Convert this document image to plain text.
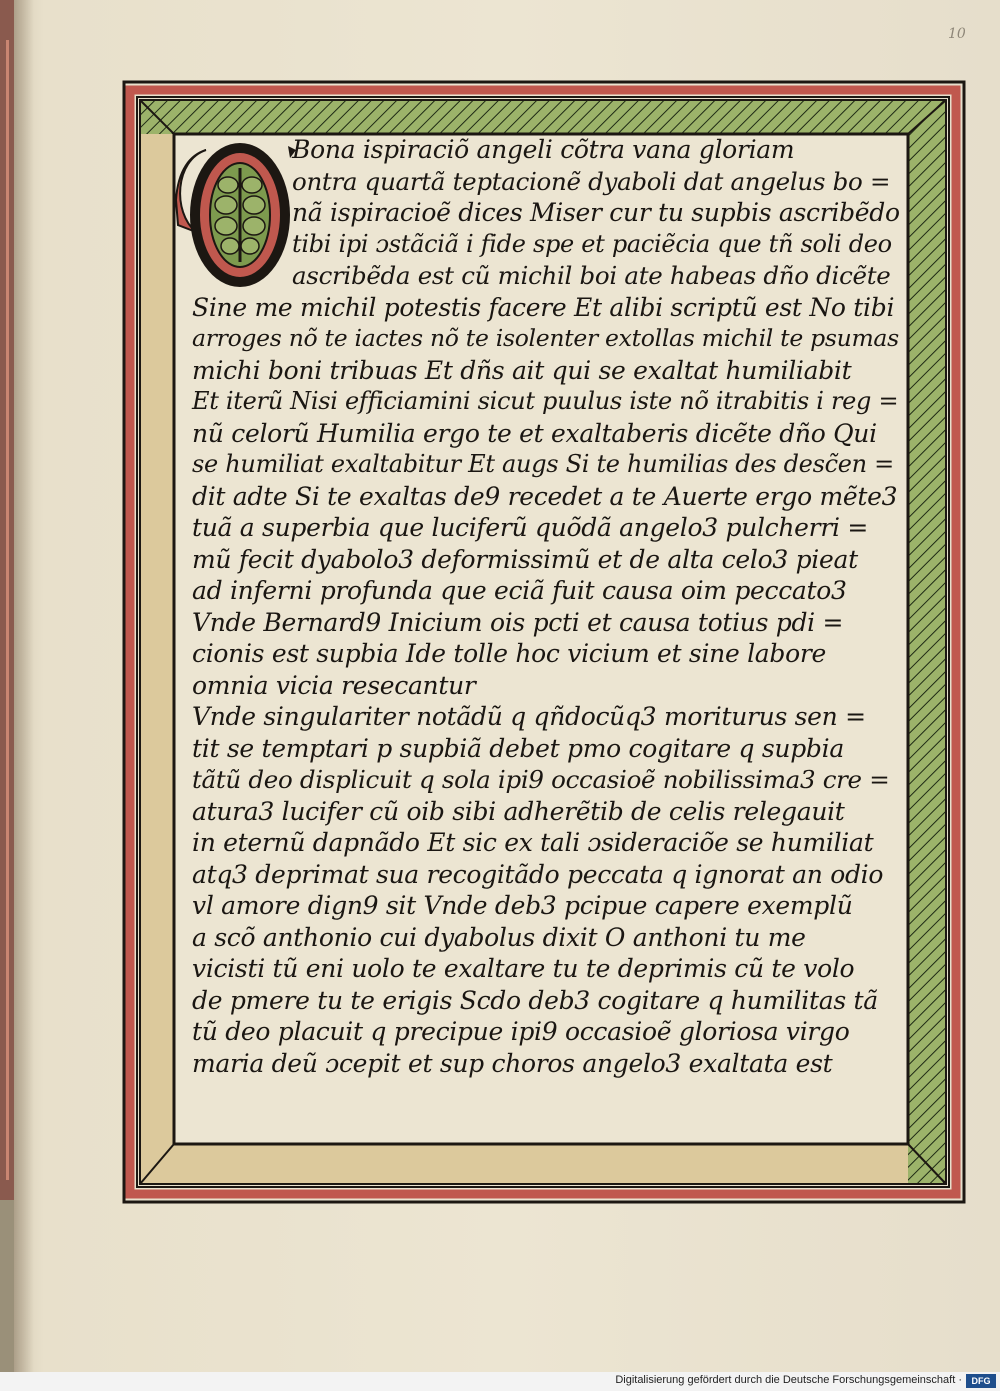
10
Bona ispiraciõ angeli cõtra vana gloriam
ontra quartã teptacionẽ dyaboli dat angelus bo =
nã ispiracioẽ dices Miser cur tu supbis ascribẽdo
tibi ipi ɔstãciã i fide spe et paciẽcia que tñ soli deo
ascribẽda est cũ michil boi ate habeas dño dicẽte
Sine me michil potestis facere Et alibi scriptũ est No tibi
arroges nõ te iactes nõ te isolenter extollas michil te psumas
michi boni tribuas Et dñs ait qui se exaltat humiliabit
Et iterũ Nisi efficiamini sicut puulus iste nõ itrabitis i reg =
nũ celorũ Humilia ergo te et exaltaberis dicẽte dño Qui
se humiliat exaltabitur Et augs Si te humilias des desc̃en =
dit adte Si te exaltas de9 recedet a te Auerte ergo mẽte3
tuã a superbia que luciferũ quõdã angelo3 pulcherri =
mũ fecit dyabolo3 deformissimũ et de alta celo3 pieat
ad inferni profunda que eciã fuit causa oim peccato3
Vnde Bernard9 Inicium ois pcti et causa totius pdi =
cionis est supbia Ide tolle hoc vicium et sine labore
omnia vicia resecantur
Vnde singulariter notãdũ q qñdocũq3 moriturus sen =
tit se temptari p supbiã debet pmo cogitare q supbia
tãtũ deo displicuit q sola ipi9 occasioẽ nobilissima3 cre =
atura3 lucifer cũ oib sibi adherẽtib de celis relegauit
in eternũ dapnãdo Et sic ex tali ɔsideraciõe se humiliat
atq3 deprimat sua recogitãdo peccata q ignorat an odio
vl amore dign9 sit Vnde deb3 pcipue capere exemplũ
a scõ anthonio cui dyabolus dixit O anthoni tu me
vicisti tũ eni uolo te exaltare tu te deprimis cũ te volo
de pmere tu te erigis Scdo deb3 cogitare q humilitas tã
tũ deo placuit q precipue ipi9 occasioẽ gloriosa virgo
maria deũ ɔcepit et sup choros angelo3 exaltata est
Digitalisierung gefördert durch die Deutsche Forschungsgemeinschaft ·	DFG
